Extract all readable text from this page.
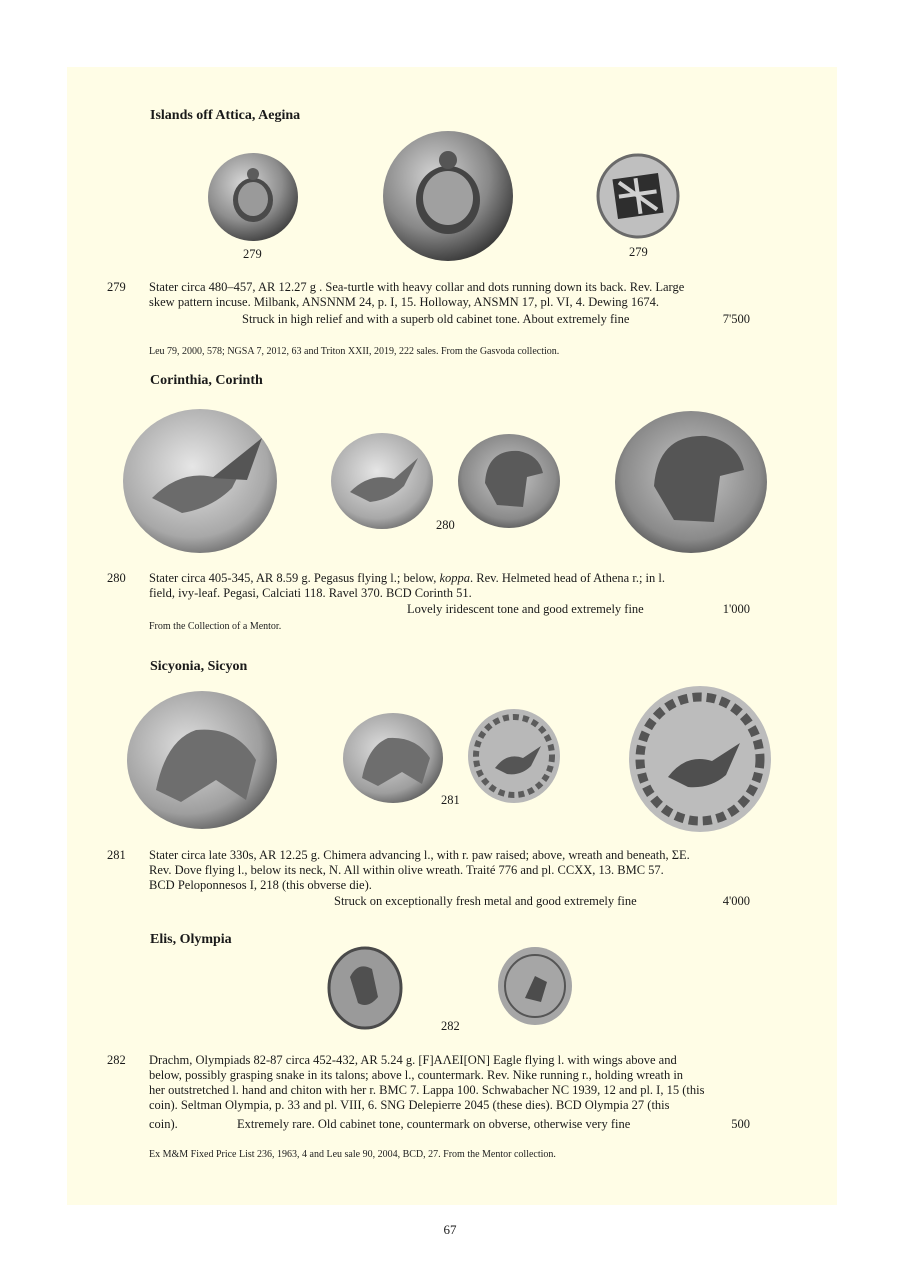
Islands off Attica, Aegina
279	279
279 Stater circa 480–457, AR 12.27 g . Sea-turtle with heavy collar and dots running down its back. Rev. Large
skew pattern incuse. Milbank, ANSNNM 24, p. I, 15. Holloway, ANSMN 17, pl. VI, 4. Dewing 1674.
Struck in high relief and with a superb old cabinet tone. About extremely fine	7'500
Leu 79, 2000, 578; NGSA 7, 2012, 63 and Triton XXII, 2019, 222 sales. From the Gasvoda collection.
Corinthia, Corinth
280
280 Stater circa 405-345, AR 8.59 g. Pegasus flying l.; below, koppa. Rev. Helmeted head of Athena r.; in l.
field, ivy-leaf. Pegasi, Calciati 118. Ravel 370. BCD Corinth 51.
Lovely iridescent tone and good extremely fine	1'000
From the Collection of a Mentor.
Sicyonia, Sicyon
281
281 Stater circa late 330s, AR 12.25 g. Chimera advancing l., with r. paw raised; above, wreath and beneath, ΣΕ.
Rev. Dove flying l., below its neck, N. All within olive wreath. Traité 776 and pl. CCXX, 13. BMC 57.
BCD Peloponnesos I, 218 (this obverse die).
Struck on exceptionally fresh metal and good extremely fine	4'000
Elis, Olympia
282
282 Drachm, Olympiads 82-87 circa 452-432, AR 5.24 g. [F]ΑΛΕΙ[ΟΝ] Eagle flying l. with wings above and
below, possibly grasping snake in its talons; above l., countermark. Rev. Nike running r., holding wreath in
her outstretched l. hand and chiton with her r. BMC 7. Lappa 100. Schwabacher NC 1939, 12 and pl. I, 15 (this
coin). Seltman Olympia, p. 33 and pl. VIII, 6. SNG Delepierre 2045 (these dies). BCD Olympia 27 (this
coin).	Extremely rare. Old cabinet tone, countermark on obverse, otherwise very fine	500
Ex M&M Fixed Price List 236, 1963, 4 and Leu sale 90, 2004, BCD, 27. From the Mentor collection.
67
